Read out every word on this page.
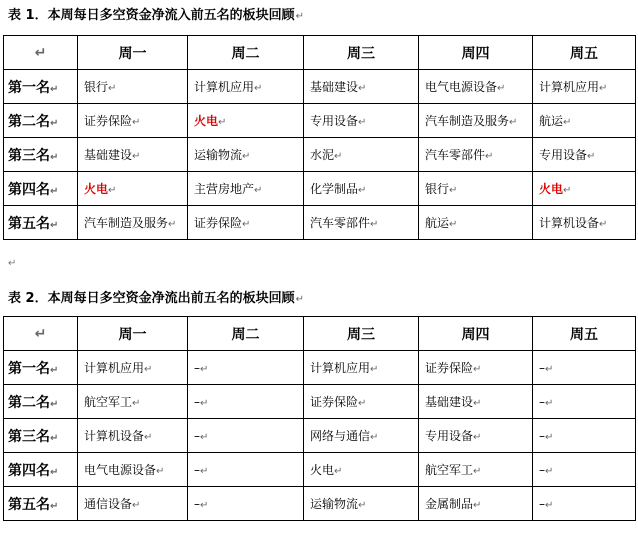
表 1．本周每日多空资金净流入前五名的板块回顾↵
↵	周一	周二	周三	周四	周五
第一名↵	银行↵	计算机应用↵	基础建设↵	电气电源设备↵	计算机应用↵
第二名↵	证券保险↵	火电↵	专用设备↵	汽车制造及服务↵	航运↵
第三名↵	基础建设↵	运输物流↵	水泥↵	汽车零部件↵	专用设备↵
第四名↵	火电↵	主营房地产↵	化学制品↵	银行↵	火电↵
第五名↵	汽车制造及服务↵	证券保险↵	汽车零部件↵	航运↵	计算机设备↵
↵
表 2．本周每日多空资金净流出前五名的板块回顾↵
↵	周一	周二	周三	周四	周五
第一名↵	计算机应用↵	–↵	计算机应用↵	证券保险↵	–↵
第二名↵	航空军工↵	–↵	证券保险↵	基础建设↵	–↵
第三名↵	计算机设备↵	–↵	网络与通信↵	专用设备↵	–↵
第四名↵	电气电源设备↵	–↵	火电↵	航空军工↵	–↵
第五名↵	通信设备↵	–↵	运输物流↵	金属制品↵	–↵
